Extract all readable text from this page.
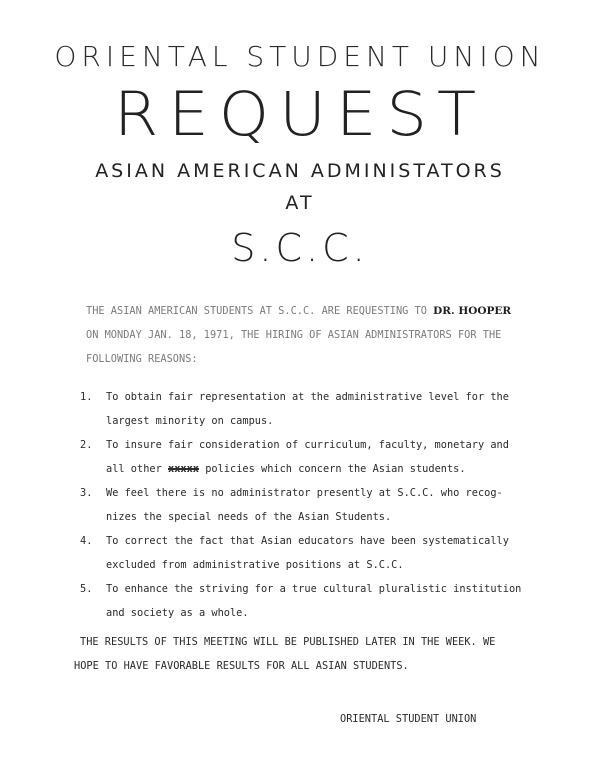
ORIENTAL STUDENT UNION
REQUEST
ASIAN AMERICAN ADMINISTATORS
AT
S.C.C.
THE ASIAN AMERICAN STUDENTS AT S.C.C. ARE REQUESTING TO DR. HOOPER
ON MONDAY JAN. 18, 1971, THE HIRING OF ASIAN ADMINISTRATORS FOR THE
FOLLOWING REASONS:
1. To obtain fair representation at the administrative level for the
largest minority on campus.
2. To insure fair consideration of curriculum, faculty, monetary and
all other xxxxx policies which concern the Asian students.
3. We feel there is no administrator presently at S.C.C. who recog-
nizes the special needs of the Asian Students.
4. To correct the fact that Asian educators have been systematically
excluded from administrative positions at S.C.C.
5. To enhance the striving for a true cultural pluralistic institution
and society as a whole.
THE RESULTS OF THIS MEETING WILL BE PUBLISHED LATER IN THE WEEK. WE
HOPE TO HAVE FAVORABLE RESULTS FOR ALL ASIAN STUDENTS.
ORIENTAL STUDENT UNION
